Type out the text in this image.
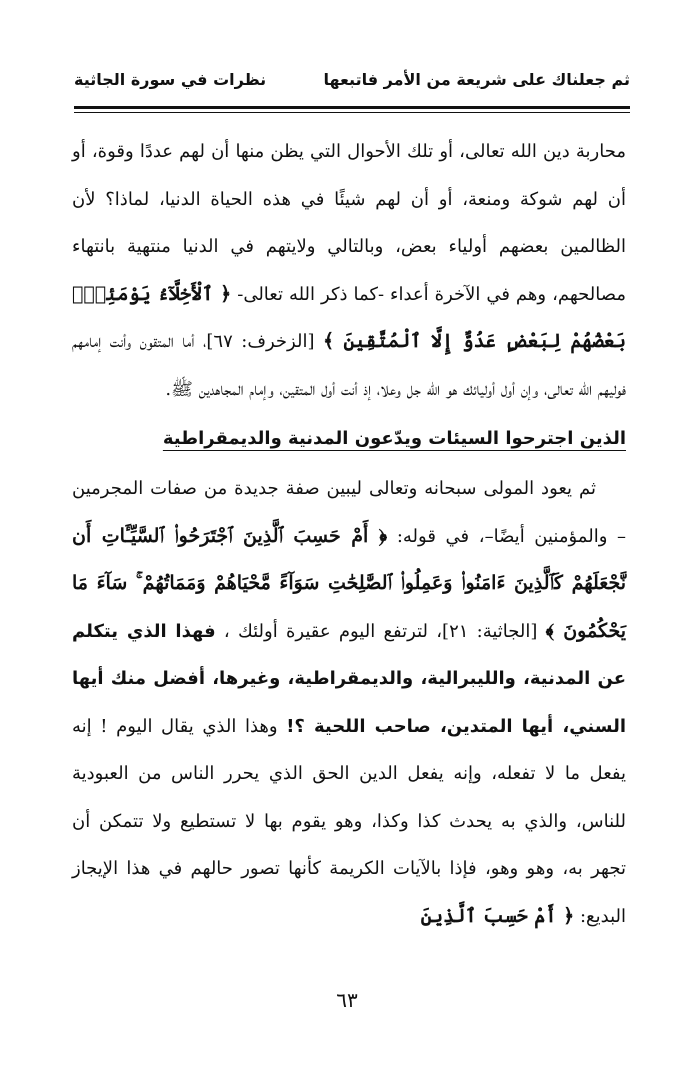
ثم جعلناك على شريعة من الأمر فاتبعها
نظرات في سورة الجاثية

محاربة دين الله تعالى، أو تلك الأحوال التي يظن منها أن لهم عددًا وقوة، أو أن لهم شوكة ومنعة، أو أن لهم شيئًا في هذه الحياة الدنيا، لماذا؟ لأن الظالمين بعضهم أولياء بعض، وبالتالي ولايتهم في الدنيا منتهية بانتهاء مصالحهم، وهم في الآخرة أعداء -كما ذكر الله تعالى- ﴿ ٱلْأَخِلَّآءُ يَوْمَئِذٍۭ بَعْضُهُمْ لِبَعْضٍ عَدُوٌّ إِلَّا ٱلْمُتَّقِينَ ﴾ [الزخرف: ٦٧]، أما المتقون وأنت إمامهم فوليهم الله تعالى، وإن أول أوليائك هو الله جل وعلا، إذ أنت أول المتقين، وإمام المجاهدين ﷺ.

الذين اجترحوا السيئات ويدّعون المدنية والديمقراطية

ثم يعود المولى سبحانه وتعالى ليبين صفة جديدة من صفات المجرمين – والمؤمنين أيضًا–، في قوله: ﴿ أَمْ حَسِبَ ٱلَّذِينَ ٱجْتَرَحُوا۟ ٱلسَّيِّـَٔاتِ أَن نَّجْعَلَهُمْ كَٱلَّذِينَ ءَامَنُوا۟ وَعَمِلُوا۟ ٱلصَّٰلِحَٰتِ سَوَآءً مَّحْيَاهُمْ وَمَمَاتُهُمْ ۚ سَآءَ مَا يَحْكُمُونَ ﴾ [الجاثية: ٢١]، لترتفع اليوم عقيرة أولئك ، فهذا الذي يتكلم عن المدنية، والليبرالية، والديمقراطية، وغيرها، أفضل منك أيها السني، أيها المتدين، صاحب اللحية ؟! وهذا الذي يقال اليوم ! إنه يفعل ما لا تفعله، وإنه يفعل الدين الحق الذي يحرر الناس من العبودية للناس، والذي به يحدث كذا وكذا، وهو يقوم بها لا تستطيع ولا تتمكن أن تجهر به، وهو وهو، فإذا بالآيات الكريمة كأنها تصور حالهم في هذا الإيجاز البديع: ﴿ أَمْ حَسِبَ ٱلَّذِينَ

٦٣
